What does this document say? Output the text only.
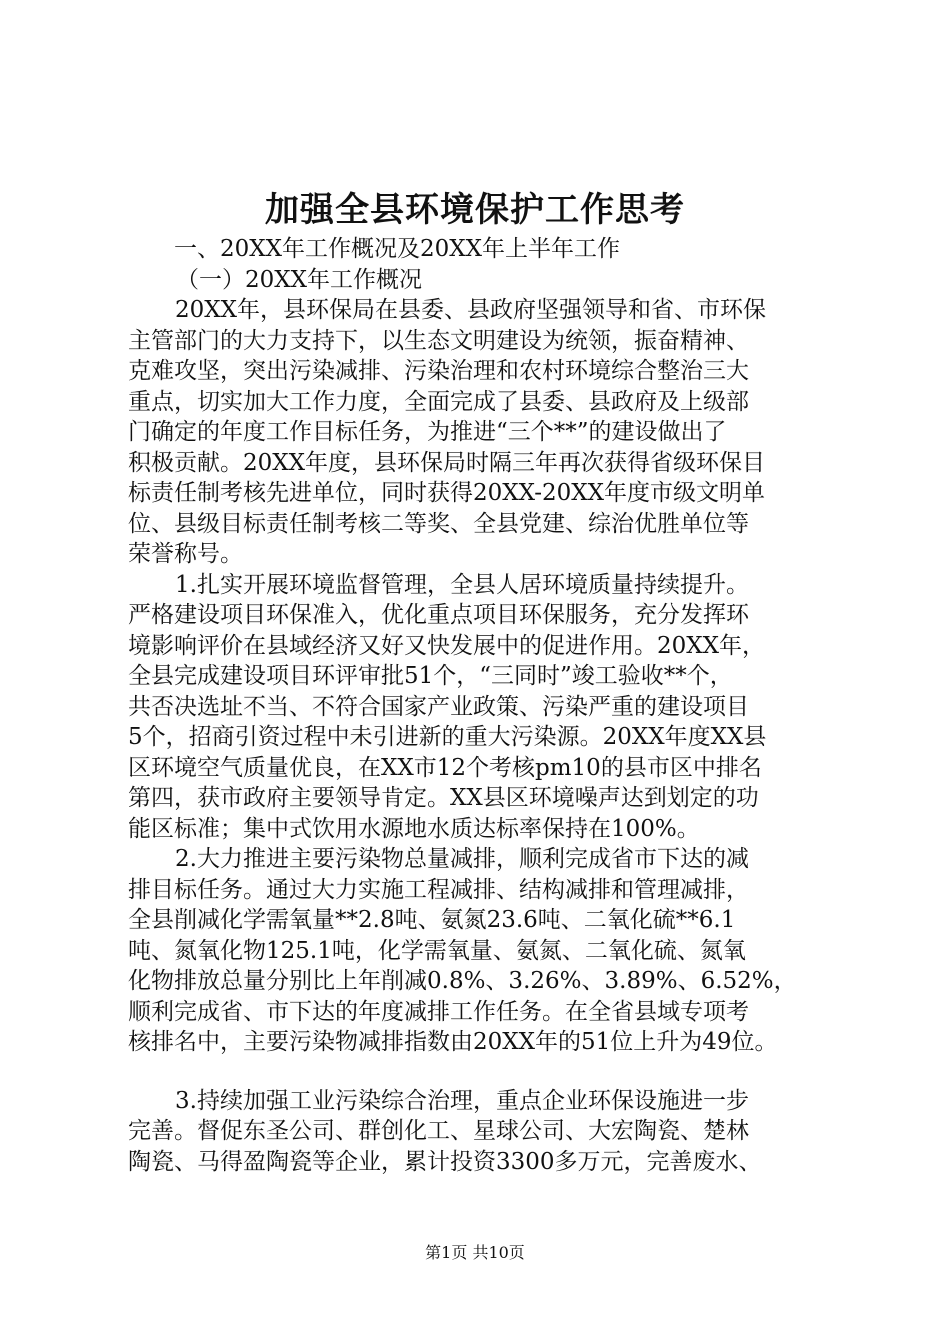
加强全县环境保护工作思考
一、20XX年工作概况及20XX年上半年工作
（一）20XX年工作概况
20XX年，县环保局在县委、县政府坚强领导和省、市环保
主管部门的大力支持下，以生态文明建设为统领，振奋精神、
克难攻坚，突出污染减排、污染治理和农村环境综合整治三大
重点，切实加大工作力度，全面完成了县委、县政府及上级部
门确定的年度工作目标任务，为推进“三个**”的建设做出了
积极贡献。20XX年度，县环保局时隔三年再次获得省级环保目
标责任制考核先进单位，同时获得20XX-20XX年度市级文明单
位、县级目标责任制考核二等奖、全县党建、综治优胜单位等
荣誉称号。
1.扎实开展环境监督管理，全县人居环境质量持续提升。
严格建设项目环保准入，优化重点项目环保服务，充分发挥环
境影响评价在县域经济又好又快发展中的促进作用。20XX年，
全县完成建设项目环评审批51个，“三同时”竣工验收**个，
共否决选址不当、不符合国家产业政策、污染严重的建设项目
5个，招商引资过程中未引进新的重大污染源。20XX年度XX县
区环境空气质量优良，在XX市12个考核pm10的县市区中排名
第四，获市政府主要领导肯定。XX县区环境噪声达到划定的功
能区标准；集中式饮用水源地水质达标率保持在100%。
2.大力推进主要污染物总量减排，顺利完成省市下达的减
排目标任务。通过大力实施工程减排、结构减排和管理减排，
全县削减化学需氧量**2.8吨、氨氮23.6吨、二氧化硫**6.1
吨、氮氧化物125.1吨，化学需氧量、氨氮、二氧化硫、氮氧
化物排放总量分别比上年削减0.8%、3.26%、3.89%、6.52%，
顺利完成省、市下达的年度减排工作任务。在全省县域专项考
核排名中，主要污染物减排指数由20XX年的51位上升为49位。
3.持续加强工业污染综合治理，重点企业环保设施进一步
完善。督促东圣公司、群创化工、星球公司、大宏陶瓷、楚林
陶瓷、马得盈陶瓷等企业，累计投资3300多万元，完善废水、
第1页 共10页
